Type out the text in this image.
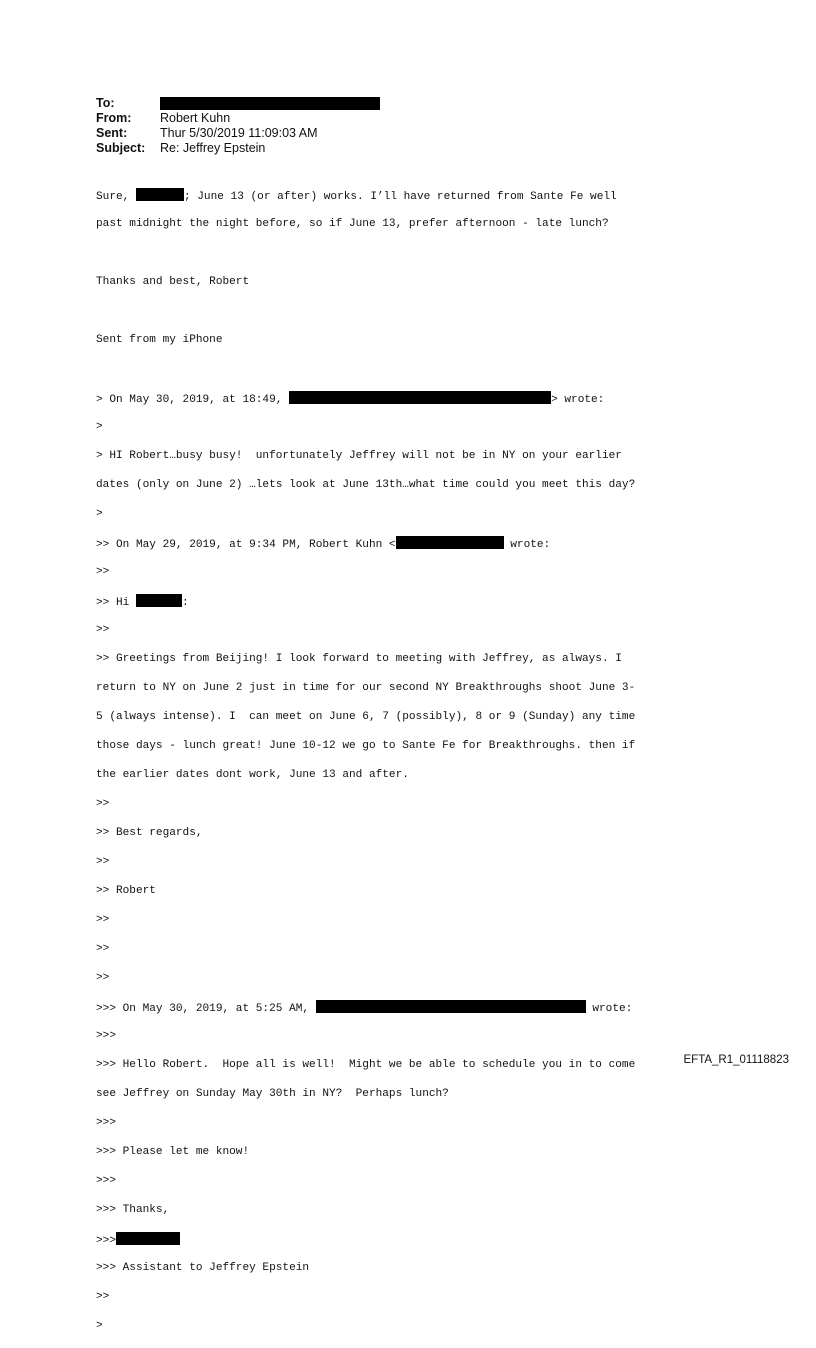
To:
From:	Robert Kuhn
Sent:	Thur 5/30/2019 11:09:03 AM
Subject:	Re: Jeffrey Epstein

Sure,	; June 13 (or after) works. I’ll have returned from Sante Fe well

past midnight the night before, so if June 13, prefer afternoon - late lunch?

Thanks and best, Robert

Sent from my iPhone

> On May 30, 2019, at 18:49,	> wrote:

>

> HI Robert…busy busy!  unfortunately Jeffrey will not be in NY on your earlier

dates (only on June 2) …lets look at June 13th…what time could you meet this day?

>

>> On May 29, 2019, at 9:34 PM, Robert Kuhn <	wrote:

>>

>> Hi	:

>>

>> Greetings from Beijing! I look forward to meeting with Jeffrey, as always. I

return to NY on June 2 just in time for our second NY Breakthroughs shoot June 3-

5 (always intense). I  can meet on June 6, 7 (possibly), 8 or 9 (Sunday) any time

those days - lunch great! June 10-12 we go to Sante Fe for Breakthroughs. then if

the earlier dates dont work, June 13 and after.

>>

>> Best regards,

>>

>> Robert

>>

>>

>>

>>> On May 30, 2019, at 5:25 AM,	wrote:

>>>

>>> Hello Robert.  Hope all is well!  Might we be able to schedule you in to come

see Jeffrey on Sunday May 30th in NY?  Perhaps lunch?

>>>

>>> Please let me know!

>>>

>>> Thanks,

>>>

>>> Assistant to Jeffrey Epstein

>>

>

EFTA_R1_01118823
